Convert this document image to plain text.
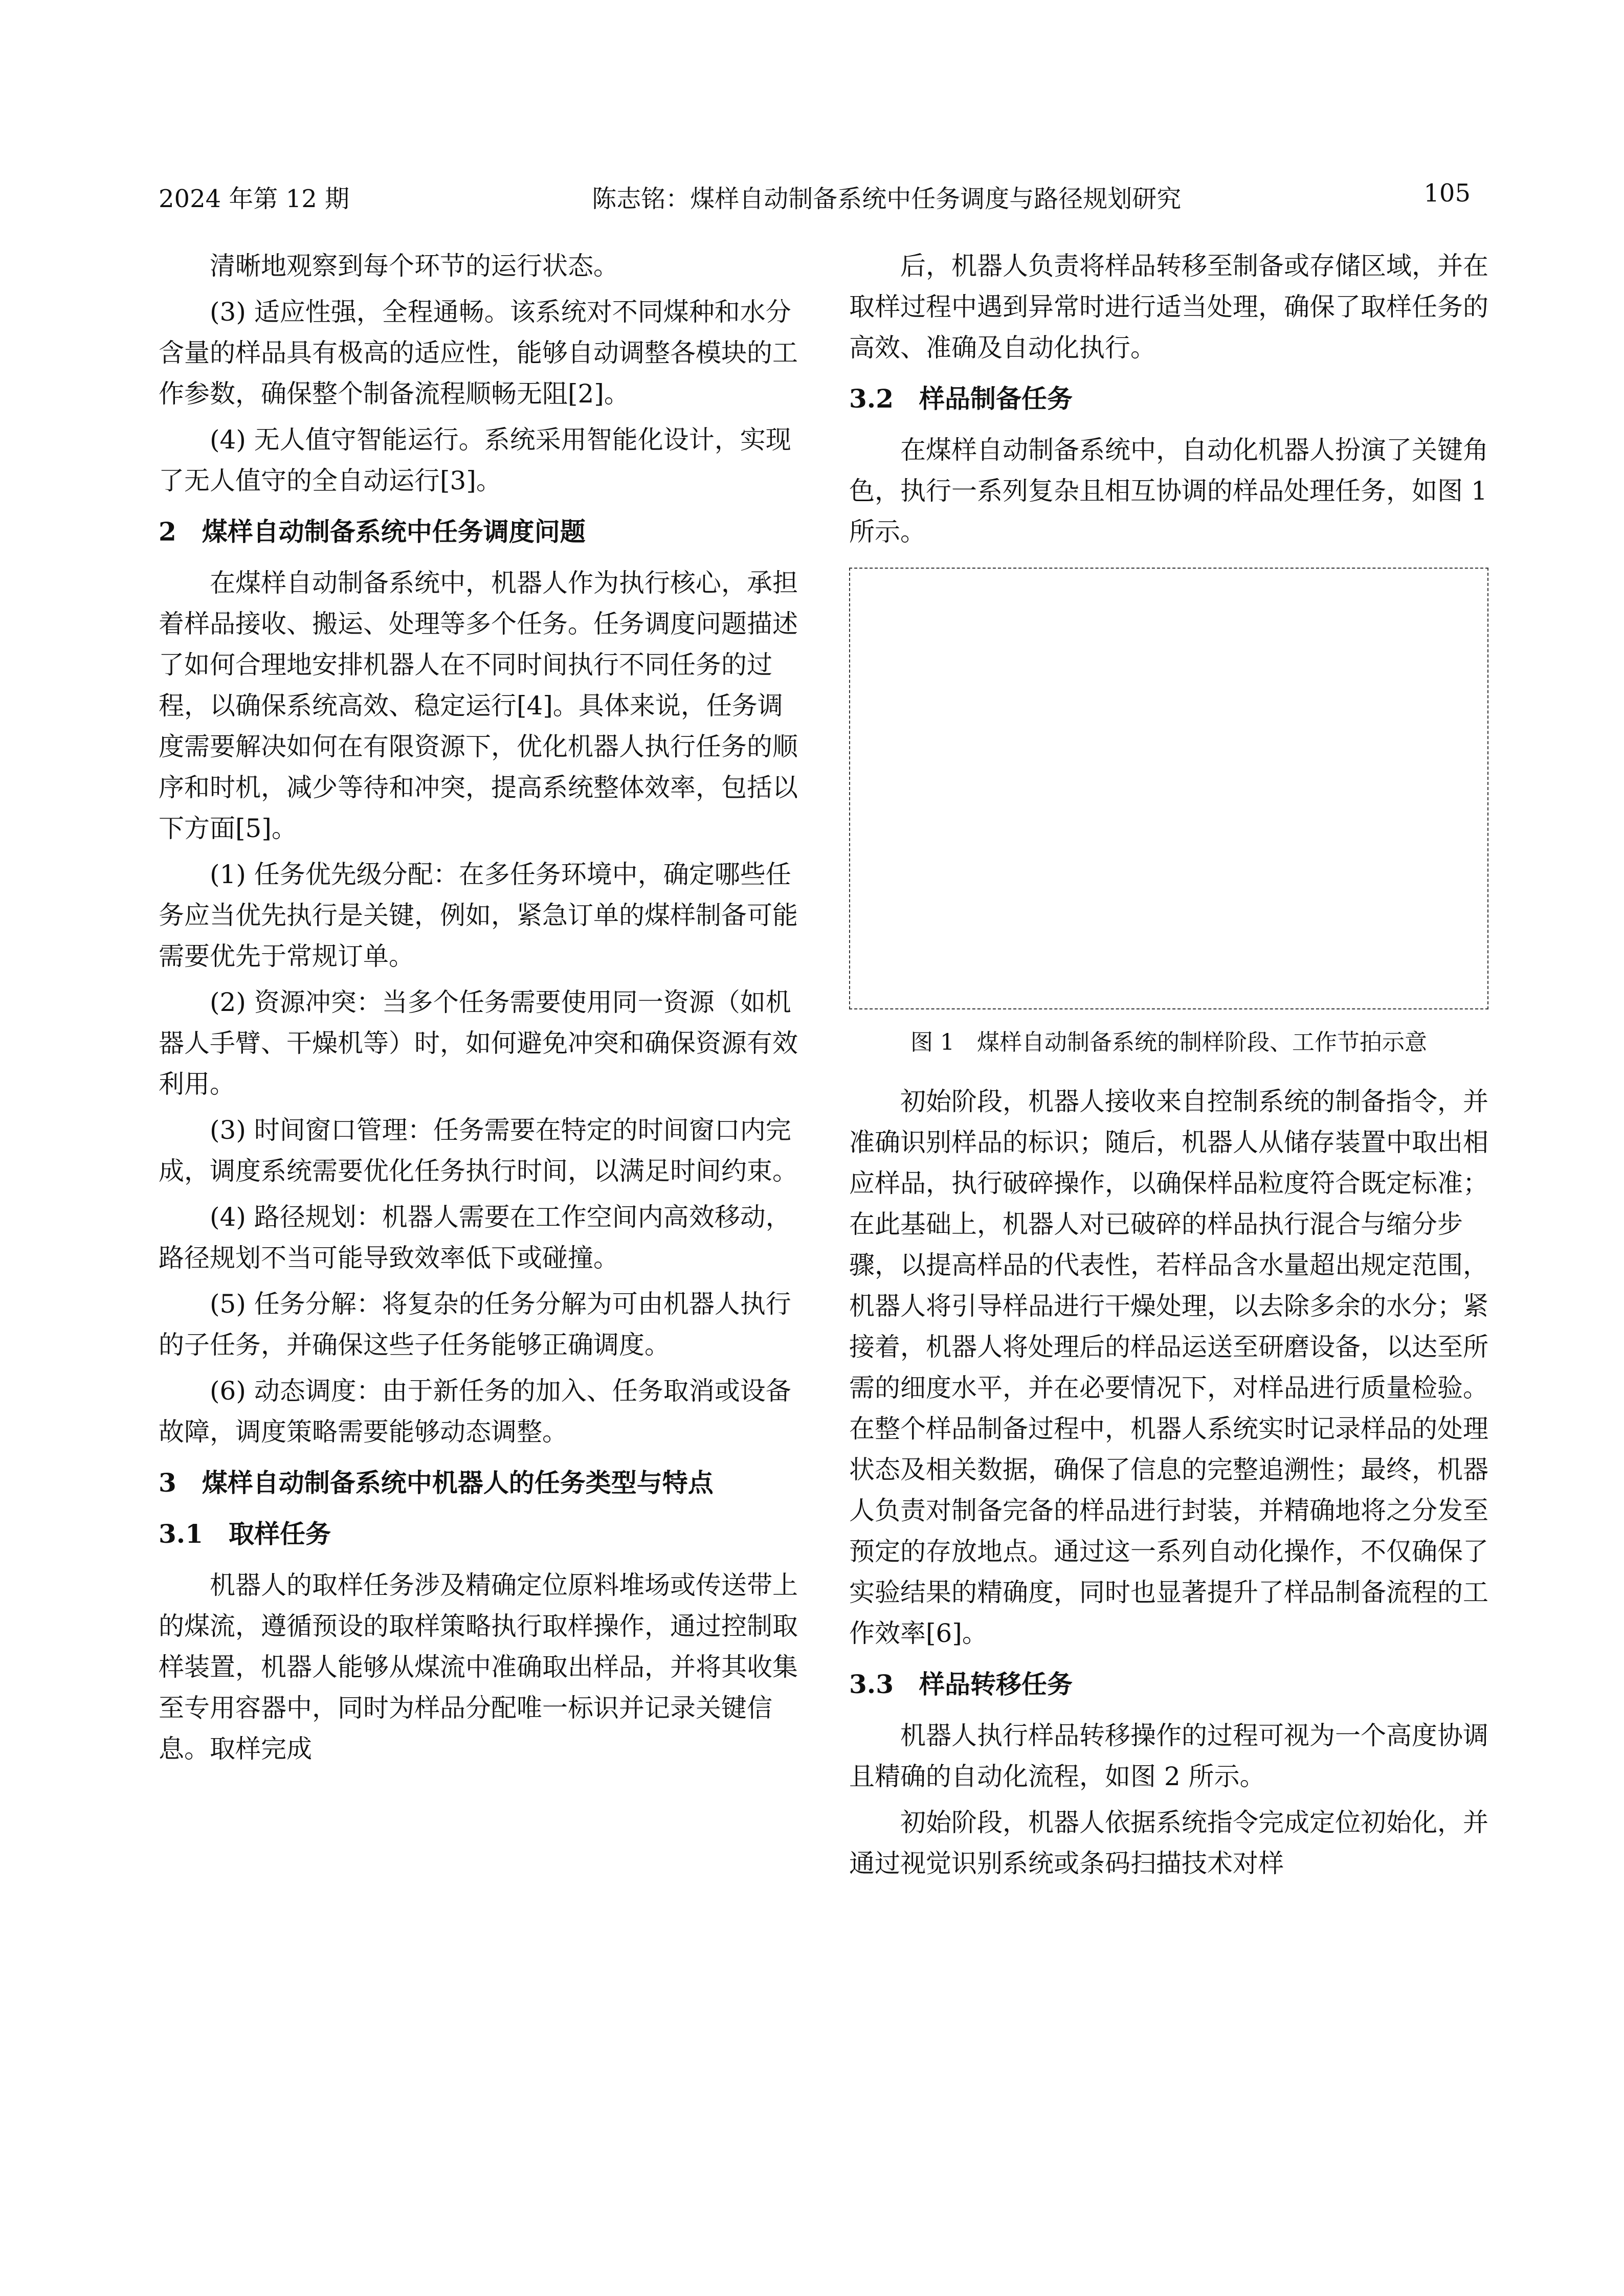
2024 年第 12 期	陈志铭：煤样自动制备系统中任务调度与路径规划研究	105

清晰地观察到每个环节的运行状态。

(3) 适应性强，全程通畅。该系统对不同煤种和水分含量的样品具有极高的适应性，能够自动调整各模块的工作参数，确保整个制备流程顺畅无阻[2]。

(4) 无人值守智能运行。系统采用智能化设计，实现了无人值守的全自动运行[3]。

2　煤样自动制备系统中任务调度问题

在煤样自动制备系统中，机器人作为执行核心，承担着样品接收、搬运、处理等多个任务。任务调度问题描述了如何合理地安排机器人在不同时间执行不同任务的过程，以确保系统高效、稳定运行[4]。具体来说，任务调度需要解决如何在有限资源下，优化机器人执行任务的顺序和时机，减少等待和冲突，提高系统整体效率，包括以下方面[5]。

(1) 任务优先级分配：在多任务环境中，确定哪些任务应当优先执行是关键，例如，紧急订单的煤样制备可能需要优先于常规订单。

(2) 资源冲突：当多个任务需要使用同一资源（如机器人手臂、干燥机等）时，如何避免冲突和确保资源有效利用。

(3) 时间窗口管理：任务需要在特定的时间窗口内完成，调度系统需要优化任务执行时间，以满足时间约束。

(4) 路径规划：机器人需要在工作空间内高效移动，路径规划不当可能导致效率低下或碰撞。

(5) 任务分解：将复杂的任务分解为可由机器人执行的子任务，并确保这些子任务能够正确调度。

(6) 动态调度：由于新任务的加入、任务取消或设备故障，调度策略需要能够动态调整。

3　煤样自动制备系统中机器人的任务类型与特点
3.1　取样任务

机器人的取样任务涉及精确定位原料堆场或传送带上的煤流，遵循预设的取样策略执行取样操作，通过控制取样装置，机器人能够从煤流中准确取出样品，并将其收集至专用容器中，同时为样品分配唯一标识并记录关键信息。取样完成

后，机器人负责将样品转移至制备或存储区域，并在取样过程中遇到异常时进行适当处理，确保了取样任务的高效、准确及自动化执行。

3.2　样品制备任务

在煤样自动制备系统中，自动化机器人扮演了关键角色，执行一系列复杂且相互协调的样品处理任务，如图 1 所示。

图 1　煤样自动制备系统的制样阶段、工作节拍示意

初始阶段，机器人接收来自控制系统的制备指令，并准确识别样品的标识；随后，机器人从储存装置中取出相应样品，执行破碎操作，以确保样品粒度符合既定标准；在此基础上，机器人对已破碎的样品执行混合与缩分步骤，以提高样品的代表性，若样品含水量超出规定范围，机器人将引导样品进行干燥处理，以去除多余的水分；紧接着，机器人将处理后的样品运送至研磨设备，以达至所需的细度水平，并在必要情况下，对样品进行质量检验。在整个样品制备过程中，机器人系统实时记录样品的处理状态及相关数据，确保了信息的完整追溯性；最终，机器人负责对制备完备的样品进行封装，并精确地将之分发至预定的存放地点。通过这一系列自动化操作，不仅确保了实验结果的精确度，同时也显著提升了样品制备流程的工作效率[6]。

3.3　样品转移任务

机器人执行样品转移操作的过程可视为一个高度协调且精确的自动化流程，如图 2 所示。

初始阶段，机器人依据系统指令完成定位初始化，并通过视觉识别系统或条码扫描技术对样
